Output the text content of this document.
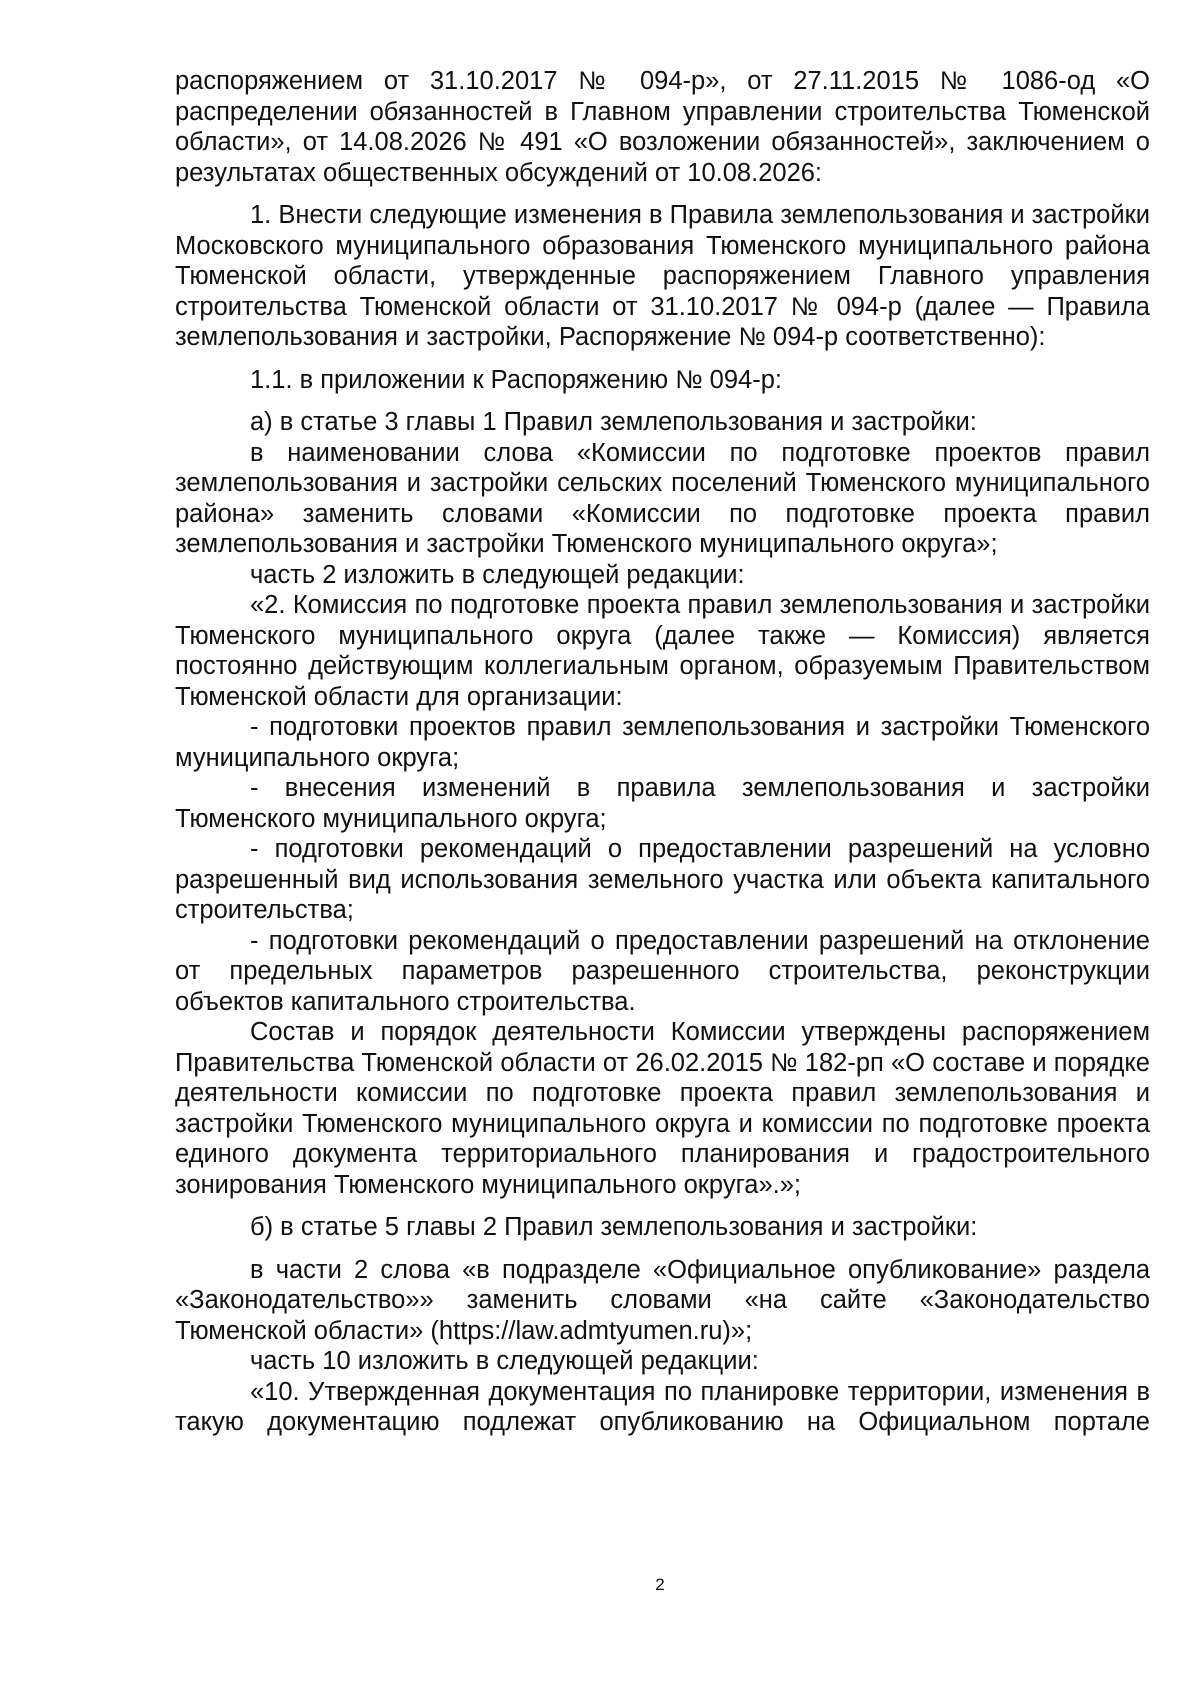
распоряжением от 31.10.2017 № 094-р», от 27.11.2015 № 1086-од «О распределении обязанностей в Главном управлении строительства Тюменской области», от 14.08.2026 № 491 «О возложении обязанностей», заключением о результатах общественных обсуждений от 10.08.2026:

1. Внести следующие изменения в Правила землепользования и застройки Московского муниципального образования Тюменского муниципального района Тюменской области, утвержденные распоряжением Главного управления строительства Тюменской области от 31.10.2017 № 094-р (далее — Правила землепользования и застройки, Распоряжение № 094-р соответственно):

1.1. в приложении к Распоряжению № 094-р:

а) в статье 3 главы 1 Правил землепользования и застройки:

в наименовании слова «Комиссии по подготовке проектов правил землепользования и застройки сельских поселений Тюменского муниципального района» заменить словами «Комиссии по подготовке проекта правил землепользования и застройки Тюменского муниципального округа»;

часть 2 изложить в следующей редакции:

«2. Комиссия по подготовке проекта правил землепользования и застройки Тюменского муниципального округа (далее также — Комиссия) является постоянно действующим коллегиальным органом, образуемым Правительством Тюменской области для организации:

- подготовки проектов правил землепользования и застройки Тюменского муниципального округа;

- внесения изменений в правила землепользования и застройки Тюменского муниципального округа;

- подготовки рекомендаций о предоставлении разрешений на условно разрешенный вид использования земельного участка или объекта капитального строительства;

- подготовки рекомендаций о предоставлении разрешений на отклонение от предельных параметров разрешенного строительства, реконструкции объектов капитального строительства.

Состав и порядок деятельности Комиссии утверждены распоряжением Правительства Тюменской области от 26.02.2015 № 182-рп «О составе и порядке деятельности комиссии по подготовке проекта правил землепользования и застройки Тюменского муниципального округа и комиссии по подготовке проекта единого документа территориального планирования и градостроительного зонирования Тюменского муниципального округа».»;

б) в статье 5 главы 2 Правил землепользования и застройки:

в части 2 слова «в подразделе «Официальное опубликование» раздела «Законодательство»» заменить словами «на сайте «Законодательство Тюменской области» (https://law.admtyumen.ru)»;

часть 10 изложить в следующей редакции:

«10. Утвержденная документация по планировке территории, изменения в такую документацию подлежат опубликованию на Официальном портале

2
